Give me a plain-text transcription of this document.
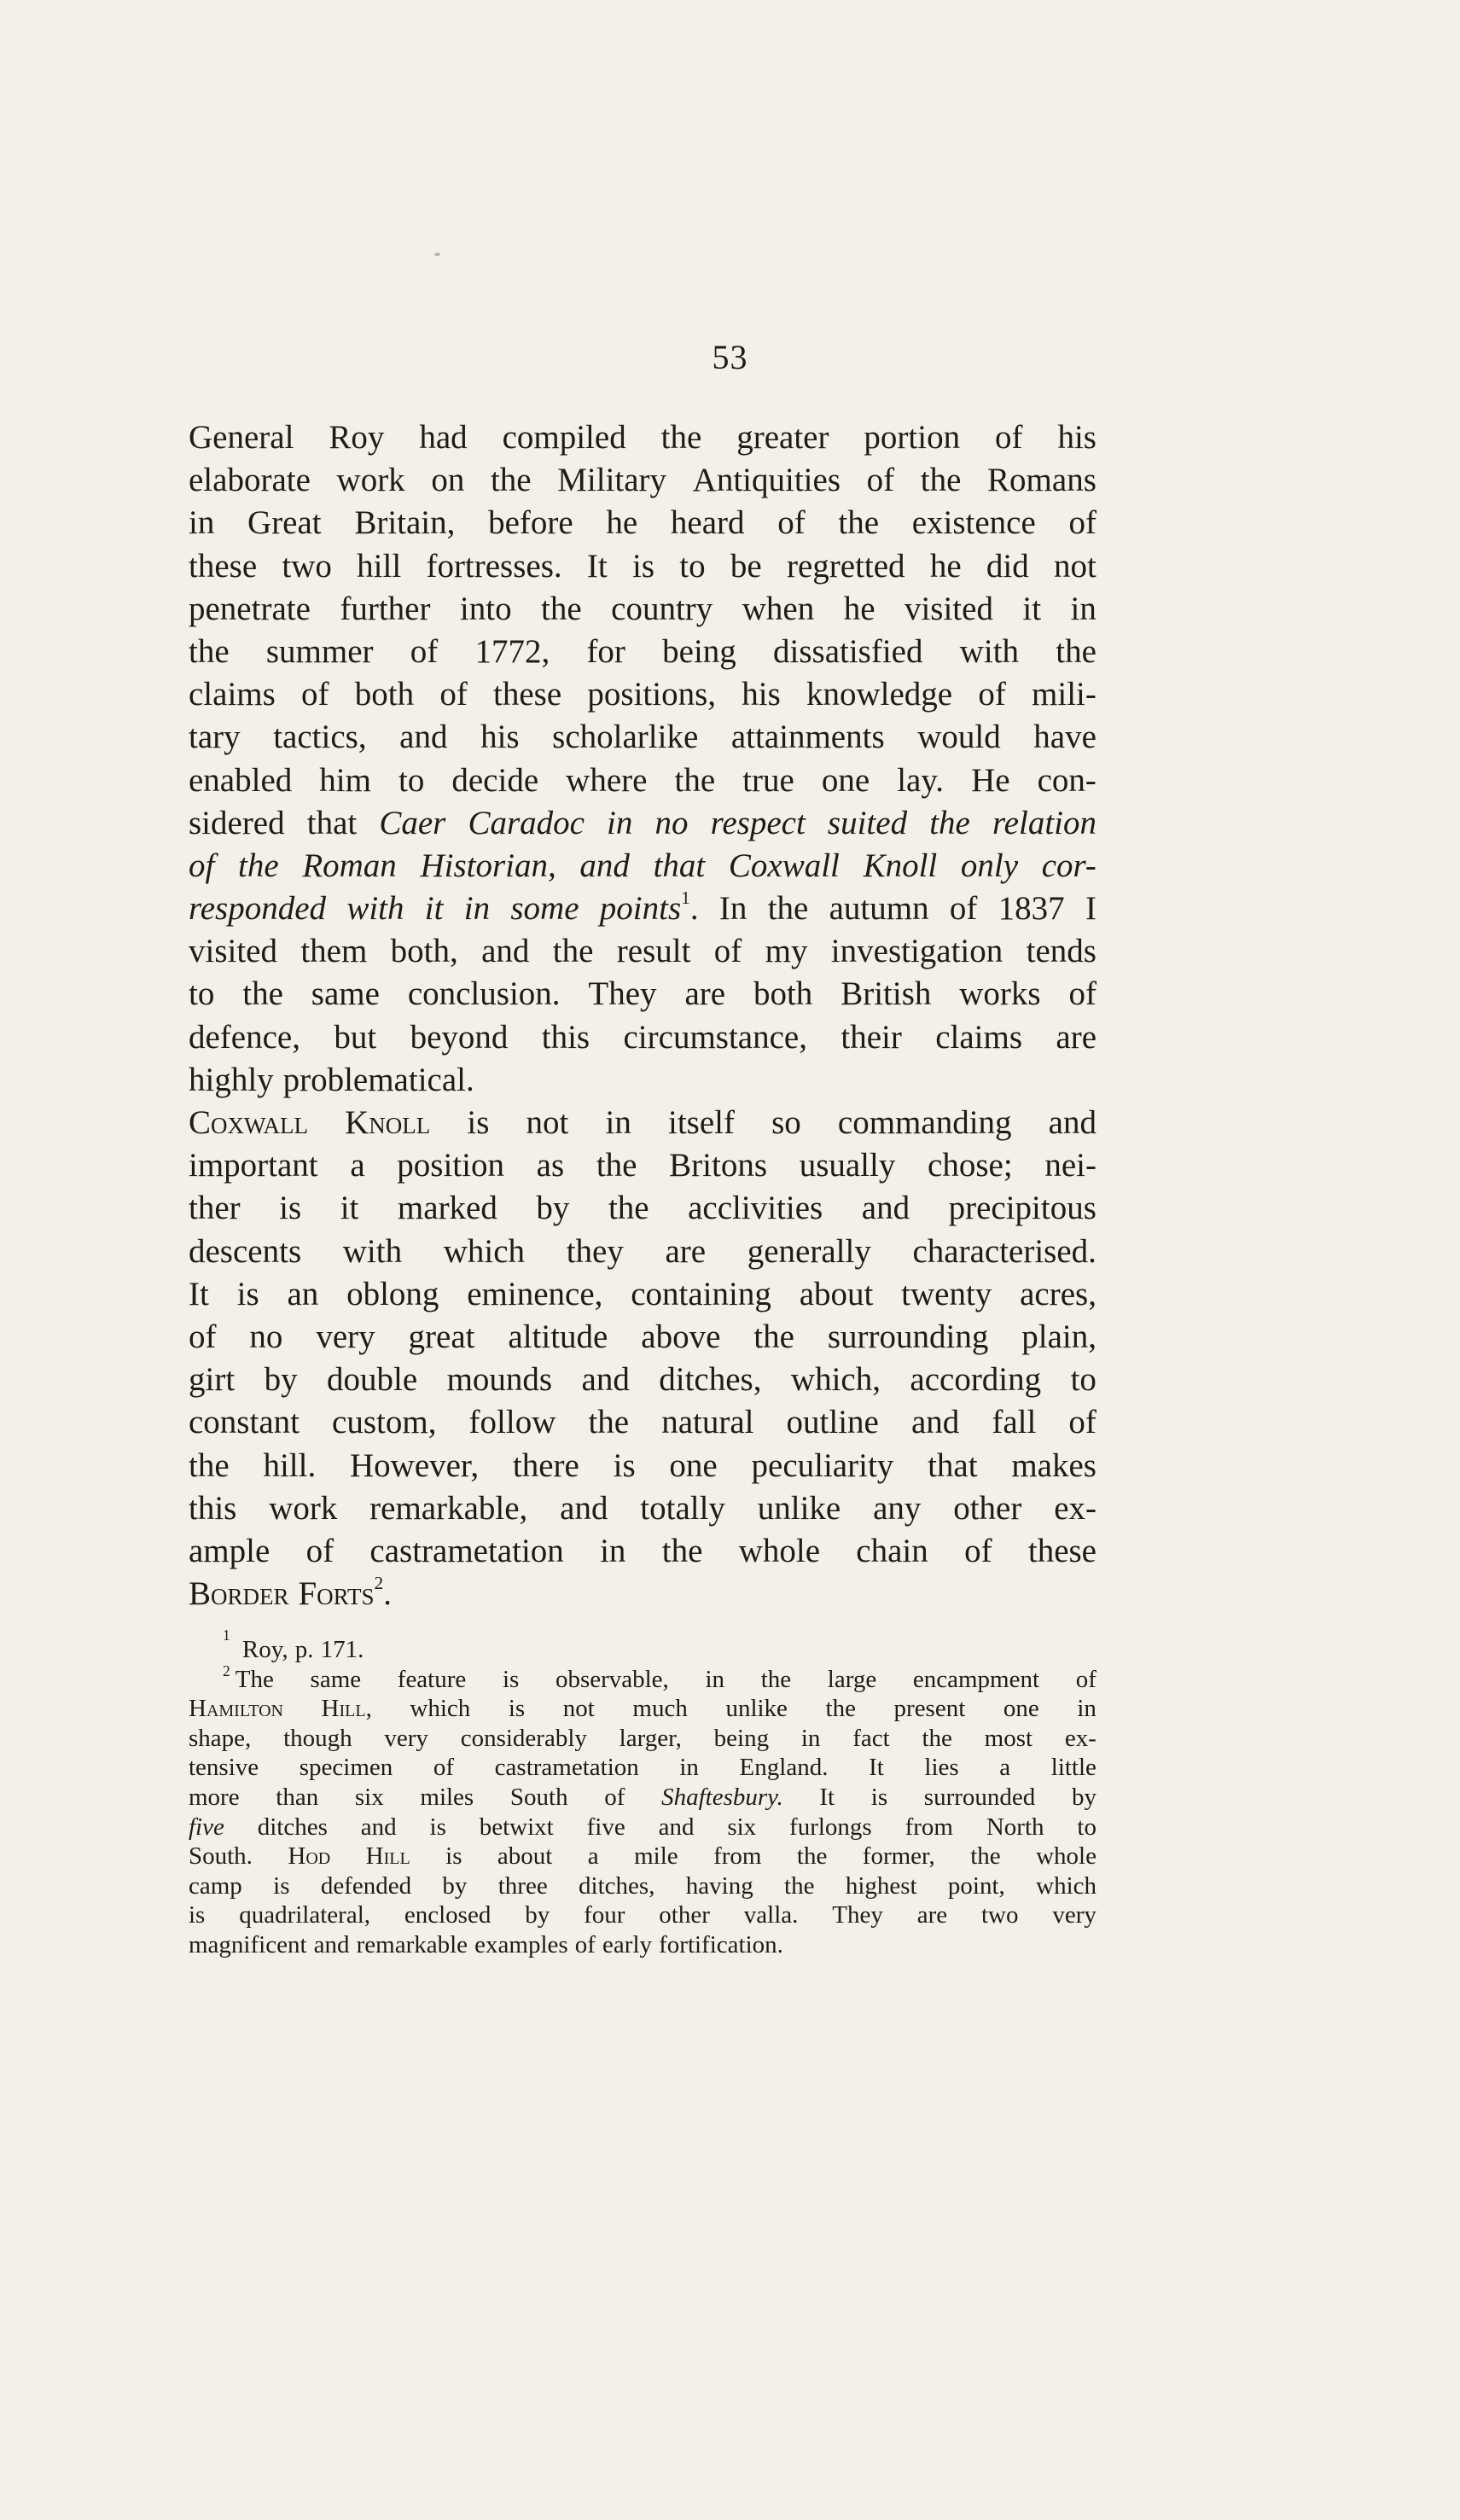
53
General Roy had compiled the greater portion of his
elaborate work on the Military Antiquities of the Romans
in Great Britain, before he heard of the existence of
these two hill fortresses. It is to be regretted he did not
penetrate further into the country when he visited it in
the summer of 1772, for being dissatisfied with the
claims of both of these positions, his knowledge of mili-
tary tactics, and his scholarlike attainments would have
enabled him to decide where the true one lay. He con-
sidered that Caer Caradoc in no respect suited the relation
of the Roman Historian, and that Coxwall Knoll only cor-
responded with it in some points$^1$. In the autumn of 1837 I
visited them both, and the result of my investigation tends
to the same conclusion. They are both British works of
defence, but beyond this circumstance, their claims are
highly problematical.
Coxwall Knoll is not in itself so commanding and
important a position as the Britons usually chose; nei-
ther is it marked by the acclivities and precipitous
descents with which they are generally characterised.
It is an oblong eminence, containing about twenty acres,
of no very great altitude above the surrounding plain,
girt by double mounds and ditches, which, according to
constant custom, follow the natural outline and fall of
the hill. However, there is one peculiarity that makes
this work remarkable, and totally unlike any other ex-
ample of castrametation in the whole chain of these
Border Forts$^2$.
1
Roy, p. 171.
$^2$ The same feature is observable, in the large encampment of
Hamilton Hill, which is not much unlike the present one in
shape, though very considerably larger, being in fact the most ex-
tensive specimen of castrametation in England. It lies a little
more than six miles South of Shaftesbury. It is surrounded by
five ditches and is betwixt five and six furlongs from North to
South. Hod Hill is about a mile from the former, the whole
camp is defended by three ditches, having the highest point, which
is quadrilateral, enclosed by four other valla. They are two very
magnificent and remarkable examples of early fortification.
